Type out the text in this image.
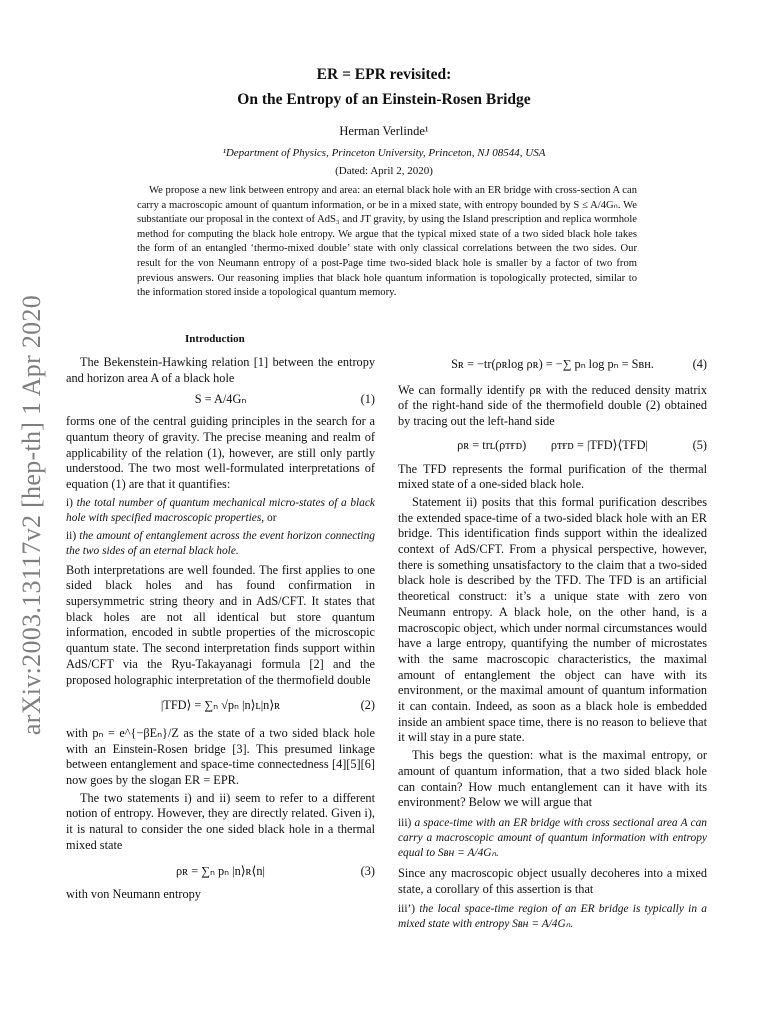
arXiv:2003.13117v2 [hep-th] 1 Apr 2020
ER = EPR revisited:
On the Entropy of an Einstein-Rosen Bridge
Herman Verlinde¹
¹Department of Physics, Princeton University, Princeton, NJ 08544, USA
(Dated: April 2, 2020)
We propose a new link between entropy and area: an eternal black hole with an ER bridge with cross-section A can carry a macroscopic amount of quantum information, or be in a mixed state, with entropy bounded by S ≤ A/4Gₙ. We substantiate our proposal in the context of AdS₃ and JT gravity, by using the Island prescription and replica wormhole method for computing the black hole entropy. We argue that the typical mixed state of a two sided black hole takes the form of an entangled ‘thermo-mixed double’ state with only classical correlations between the two sides. Our result for the von Neumann entropy of a post-Page time two-sided black hole is smaller by a factor of two from previous answers. Our reasoning implies that black hole quantum information is topologically protected, similar to the information stored inside a topological quantum memory.
Introduction

The Bekenstein-Hawking relation [1] between the entropy and horizon area A of a black hole

S = A/4Gₙ	(1)

forms one of the central guiding principles in the search for a quantum theory of gravity. The precise meaning and realm of applicability of the relation (1), however, are still only partly understood. The two most well-formulated interpretations of equation (1) are that it quantifies:

i) the total number of quantum mechanical micro-states of a black hole with specified macroscopic properties, or

ii) the amount of entanglement across the event horizon connecting the two sides of an eternal black hole.

Both interpretations are well founded. The first applies to one sided black holes and has found confirmation in supersymmetric string theory and in AdS/CFT. It states that black holes are not all identical but store quantum information, encoded in subtle properties of the microscopic quantum state. The second interpretation finds support within AdS/CFT via the Ryu-Takayanagi formula [2] and the proposed holographic interpretation of the thermofield double

|TFD⟩ = ∑ₙ √pₙ |n⟩ʟ|n⟩ʀ	(2)

with pₙ = e^{−βEₙ}/Z as the state of a two sided black hole with an Einstein-Rosen bridge [3]. This presumed linkage between entanglement and space-time connectedness [4][5][6] now goes by the slogan ER = EPR.

The two statements i) and ii) seem to refer to a different notion of entropy. However, they are directly related. Given i), it is natural to consider the one sided black hole in a thermal mixed state

ρʀ = ∑ₙ pₙ |n⟩ʀ⟨n|	(3)

with von Neumann entropy

Sʀ = −tr(ρʀlog ρʀ) = −∑ pₙ log pₙ = Sʙʜ.	(4)

We can formally identify ρʀ with the reduced density matrix of the right-hand side of the thermofield double (2) obtained by tracing out the left-hand side

ρʀ = trʟ(ρᴛғᴅ)        ρᴛғᴅ = |TFD⟩⟨TFD|	(5)

The TFD represents the formal purification of the thermal mixed state of a one-sided black hole.

Statement ii) posits that this formal purification describes the extended space-time of a two-sided black hole with an ER bridge. This identification finds support within the idealized context of AdS/CFT. From a physical perspective, however, there is something unsatisfactory to the claim that a two-sided black hole is described by the TFD. The TFD is an artificial theoretical construct: it’s a unique state with zero von Neumann entropy. A black hole, on the other hand, is a macroscopic object, which under normal circumstances would have a large entropy, quantifying the number of microstates with the same macroscopic characteristics, the maximal amount of entanglement the object can have with its environment, or the maximal amount of quantum information it can contain. Indeed, as soon as a black hole is embedded inside an ambient space time, there is no reason to believe that it will stay in a pure state.

This begs the question: what is the maximal entropy, or amount of quantum information, that a two sided black hole can contain? How much entanglement can it have with its environment? Below we will argue that

iii) a space-time with an ER bridge with cross sectional area A can carry a macroscopic amount of quantum information with entropy equal to Sʙʜ = A/4Gₙ.

Since any macroscopic object usually decoheres into a mixed state, a corollary of this assertion is that

iii’) the local space-time region of an ER bridge is typically in a mixed state with entropy Sʙʜ = A/4Gₙ.
